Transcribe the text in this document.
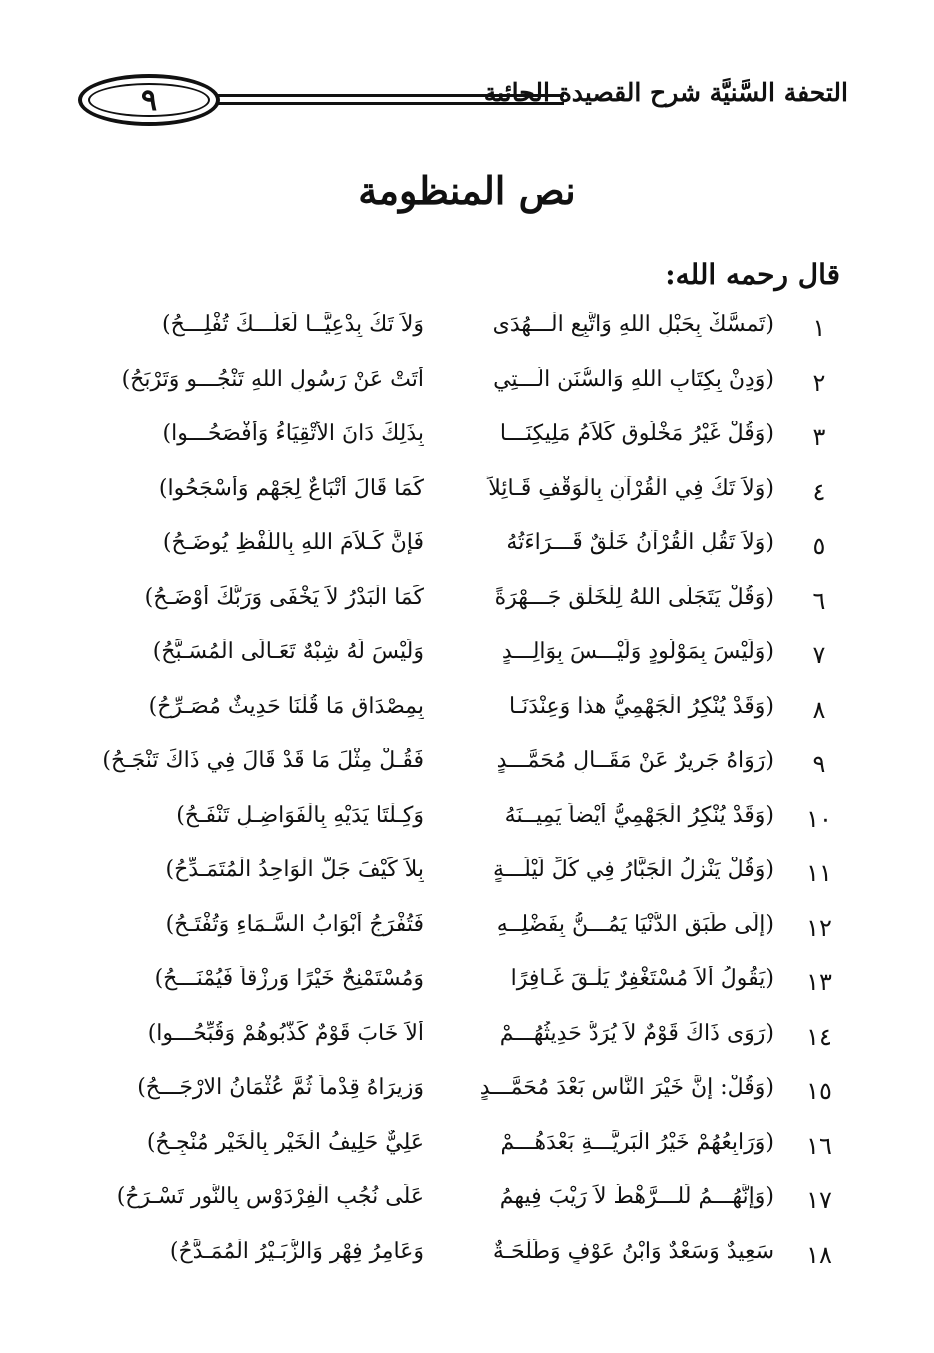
٩	التحفة السَّنيَّة شرح القصيدة الحائية
نص المنظومة
قال رحمه الله:
١
(تَمسَّكْ بِحَبْلِ اللهِ وَاتَّبِعِ الْـــهُدَى
وَلاَ تَكُ بِدْعِيًّــا لَعَلَّـــكَ تُفْلِـــحُ)
٢
(وَدِنْ بِكِتَابِ اللهِ وَالسُّنَنِ الَّـــتِي
أَتَتْ عَنْ رَسُولِ اللهِ تَنْجُـــو وَتَرْبَحُ)
٣
(وَقُلْ غَيْرُ مَخْلُوقٍ كَلاَمُ مَلِيكِنَـــا
بِذَلِكَ دَانَ الأَتْقِيَاءُ وَأَفْصَحُـــوا)
٤
(وَلاَ تَكُ فِي الْقُرْآنِ بِالْوَقْفِ قَـائِلاً
كَمَا قَالَ أَتْبَاعٌ لِجَهْمٍ وَأَسْجَحُوا)
٥
(وَلاَ تَقُلِ الْقُرْآنُ خَلْقٌ قَـــرَاءَتُهُ
فَإِنَّ كَـلاَمَ اللهِ بِاللَّفْظِ يُوضَـحُ)
٦
(وَقُلْ يَتَجَلَّى اللهُ لِلْخَلْقِ جَـــهْرَةً
كَمَا الْبَدْرُ لاَ يَخْفَى وَرَبُّكَ أَوْضَـحُ)
٧
(وَلَيْسَ بِمَوْلُودٍ وَلَيْـــسَ بِوَالِـــدٍ
وَلَيْسَ لَهُ شِبْهٌ تَعَـالَى الْمُسَـبَّحُ)
٨
(وَقَدْ يُنْكِرُ الْجَهْمِيُّ هذا وَعِنْدَنَـا
بِمِصْدَاقِ مَا قُلْنَا حَدِيثٌ مُصَـرِّحُ)
٩
(رَوَاهُ جَرِيرٌ عَنْ مَقَــالِ مُحَمَّـــدٍ
فَقُـلْ مِثْلَ مَا قَدْ قَالَ فِي ذَاكَ تَنْجَـحُ)
١٠
(وَقَدْ يُنْكِرُ الْجَهْمِيُّ أَيْضاً يَمِيــنَهُ
وَكِـلْتَا يَدَيْهِ بِالْفَوَاضِـلِ تَنْفَـحُ)
١١
(وَقُلْ يَنْزِلُ الْجَبَّارُ فِي كُلِّ لَيْلَـــةٍ
بِلاَ كَيْفَ جَلَّ الْوَاحِدُ الْمُتَمَـدِّحُ)
١٢
(إِلَى طَبَقِ الدُّنْيَا يَمُـــنُّ بِفَضْلِــهِ
فَتُفْرَجُ أَبْوَابُ السَّـمَاءِ وَتُفْتَـحُ)
١٣
(يَقُولُ أَلاَ مُسْتَغْفِرٌ يَلْـقَ غَـافِرًا
وَمُسْتَمْنِحٌ خَيْرًا وَرِزْقاً فَيُمْنَـــحُ)
١٤
(رَوَى ذَاكَ قَوْمٌ لاَ يُرَدُّ حَدِيثُهُـــمْ
أَلاَ خَابَ قَوْمٌ كَذَّبُوهُمْ وَقُبِّحُـــوا)
١٥
(وَقُلْ: إِنَّ خَيْرَ النَّاسِ بَعْدَ مُحَمَّـــدٍ
وَزِيرَاهُ قِدْماً ثُمَّ عُثْمَانُ الارْجَـــحُ)
١٦
(وَرَابِعُهُمْ خَيْرُ الْبَرِيَّـــةِ بَعْدَهُـــمْ
عَلِيٌّ حَلِيفُ الْخَيْرِ بِالْخَيْرِ مُنْجِـحُ)
١٧
(وَإِنَّهُـــمُ لَلـــرَّهْطُ لاَ رَيْبَ فِيهِمُ
عَلَى نُجُبِ الْفِرْدَوْسِ بِالنُّورِ تَسْـرَحُ)
١٨
سَعِيدٌ وَسَعْدٌ وَابْنُ عَوْفٍ وَطَلْحَـةٌ
وَعَامِرُ فِهْرٍ وَالزُّبَـيْرُ الْمُمَـدَّحُ)
